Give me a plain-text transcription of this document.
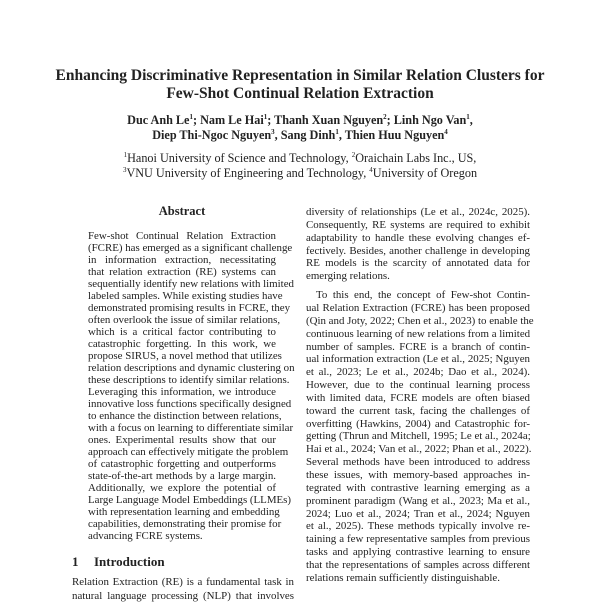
Enhancing Discriminative Representation in Similar Relation Clusters for
Few-Shot Continual Relation Extraction
Duc Anh Le$^1$; Nam Le Hai$^1$; Thanh Xuan Nguyen$^2$; Linh Ngo Van$^1$,
Diep Thi-Ngoc Nguyen$^3$, Sang Dinh$^1$, Thien Huu Nguyen$^4$
$^1$Hanoi University of Science and Technology, $^2$Oraichain Labs Inc., US,
$^3$VNU University of Engineering and Technology, $^4$University of Oregon
Abstract
Few-shot Continual Relation Extraction
(FCRE) has emerged as a significant challenge
in information extraction, necessitating
that relation extraction (RE) systems can
sequentially identify new relations with limited
labeled samples. While existing studies have
demonstrated promising results in FCRE, they
often overlook the issue of similar relations,
which is a critical factor contributing to
catastrophic forgetting. In this work, we
propose SIRUS, a novel method that utilizes
relation descriptions and dynamic clustering on
these descriptions to identify similar relations.
Leveraging this information, we introduce
innovative loss functions specifically designed
to enhance the distinction between relations,
with a focus on learning to differentiate similar
ones. Experimental results show that our
approach can effectively mitigate the problem
of catastrophic forgetting and outperforms
state-of-the-art methods by a large margin.
Additionally, we explore the potential of
Large Language Model Embeddings (LLMEs)
with representation learning and embedding
capabilities, demonstrating their promise for
advancing FCRE systems.
1 Introduction
Relation Extraction (RE) is a fundamental task in
natural language processing (NLP) that involves
diversity of relationships (Le et al., 2024c, 2025).
Consequently, RE systems are required to exhibit
adaptability to handle these evolving changes ef-
fectively. Besides, another challenge in developing
RE models is the scarcity of annotated data for
emerging relations.
To this end, the concept of Few-shot Contin-
ual Relation Extraction (FCRE) has been proposed
(Qin and Joty, 2022; Chen et al., 2023) to enable the
continuous learning of new relations from a limited
number of samples. FCRE is a branch of contin-
ual information extraction (Le et al., 2025; Nguyen
et al., 2023; Le et al., 2024b; Dao et al., 2024).
However, due to the continual learning process
with limited data, FCRE models are often biased
toward the current task, facing the challenges of
overfitting (Hawkins, 2004) and Catastrophic for-
getting (Thrun and Mitchell, 1995; Le et al., 2024a;
Hai et al., 2024; Van et al., 2022; Phan et al., 2022).
Several methods have been introduced to address
these issues, with memory-based approaches in-
tegrated with contrastive learning emerging as a
prominent paradigm (Wang et al., 2023; Ma et al.,
2024; Luo et al., 2024; Tran et al., 2024; Nguyen
et al., 2025). These methods typically involve re-
taining a few representative samples from previous
tasks and applying contrastive learning to ensure
that the representations of samples across different
relations remain sufficiently distinguishable.
